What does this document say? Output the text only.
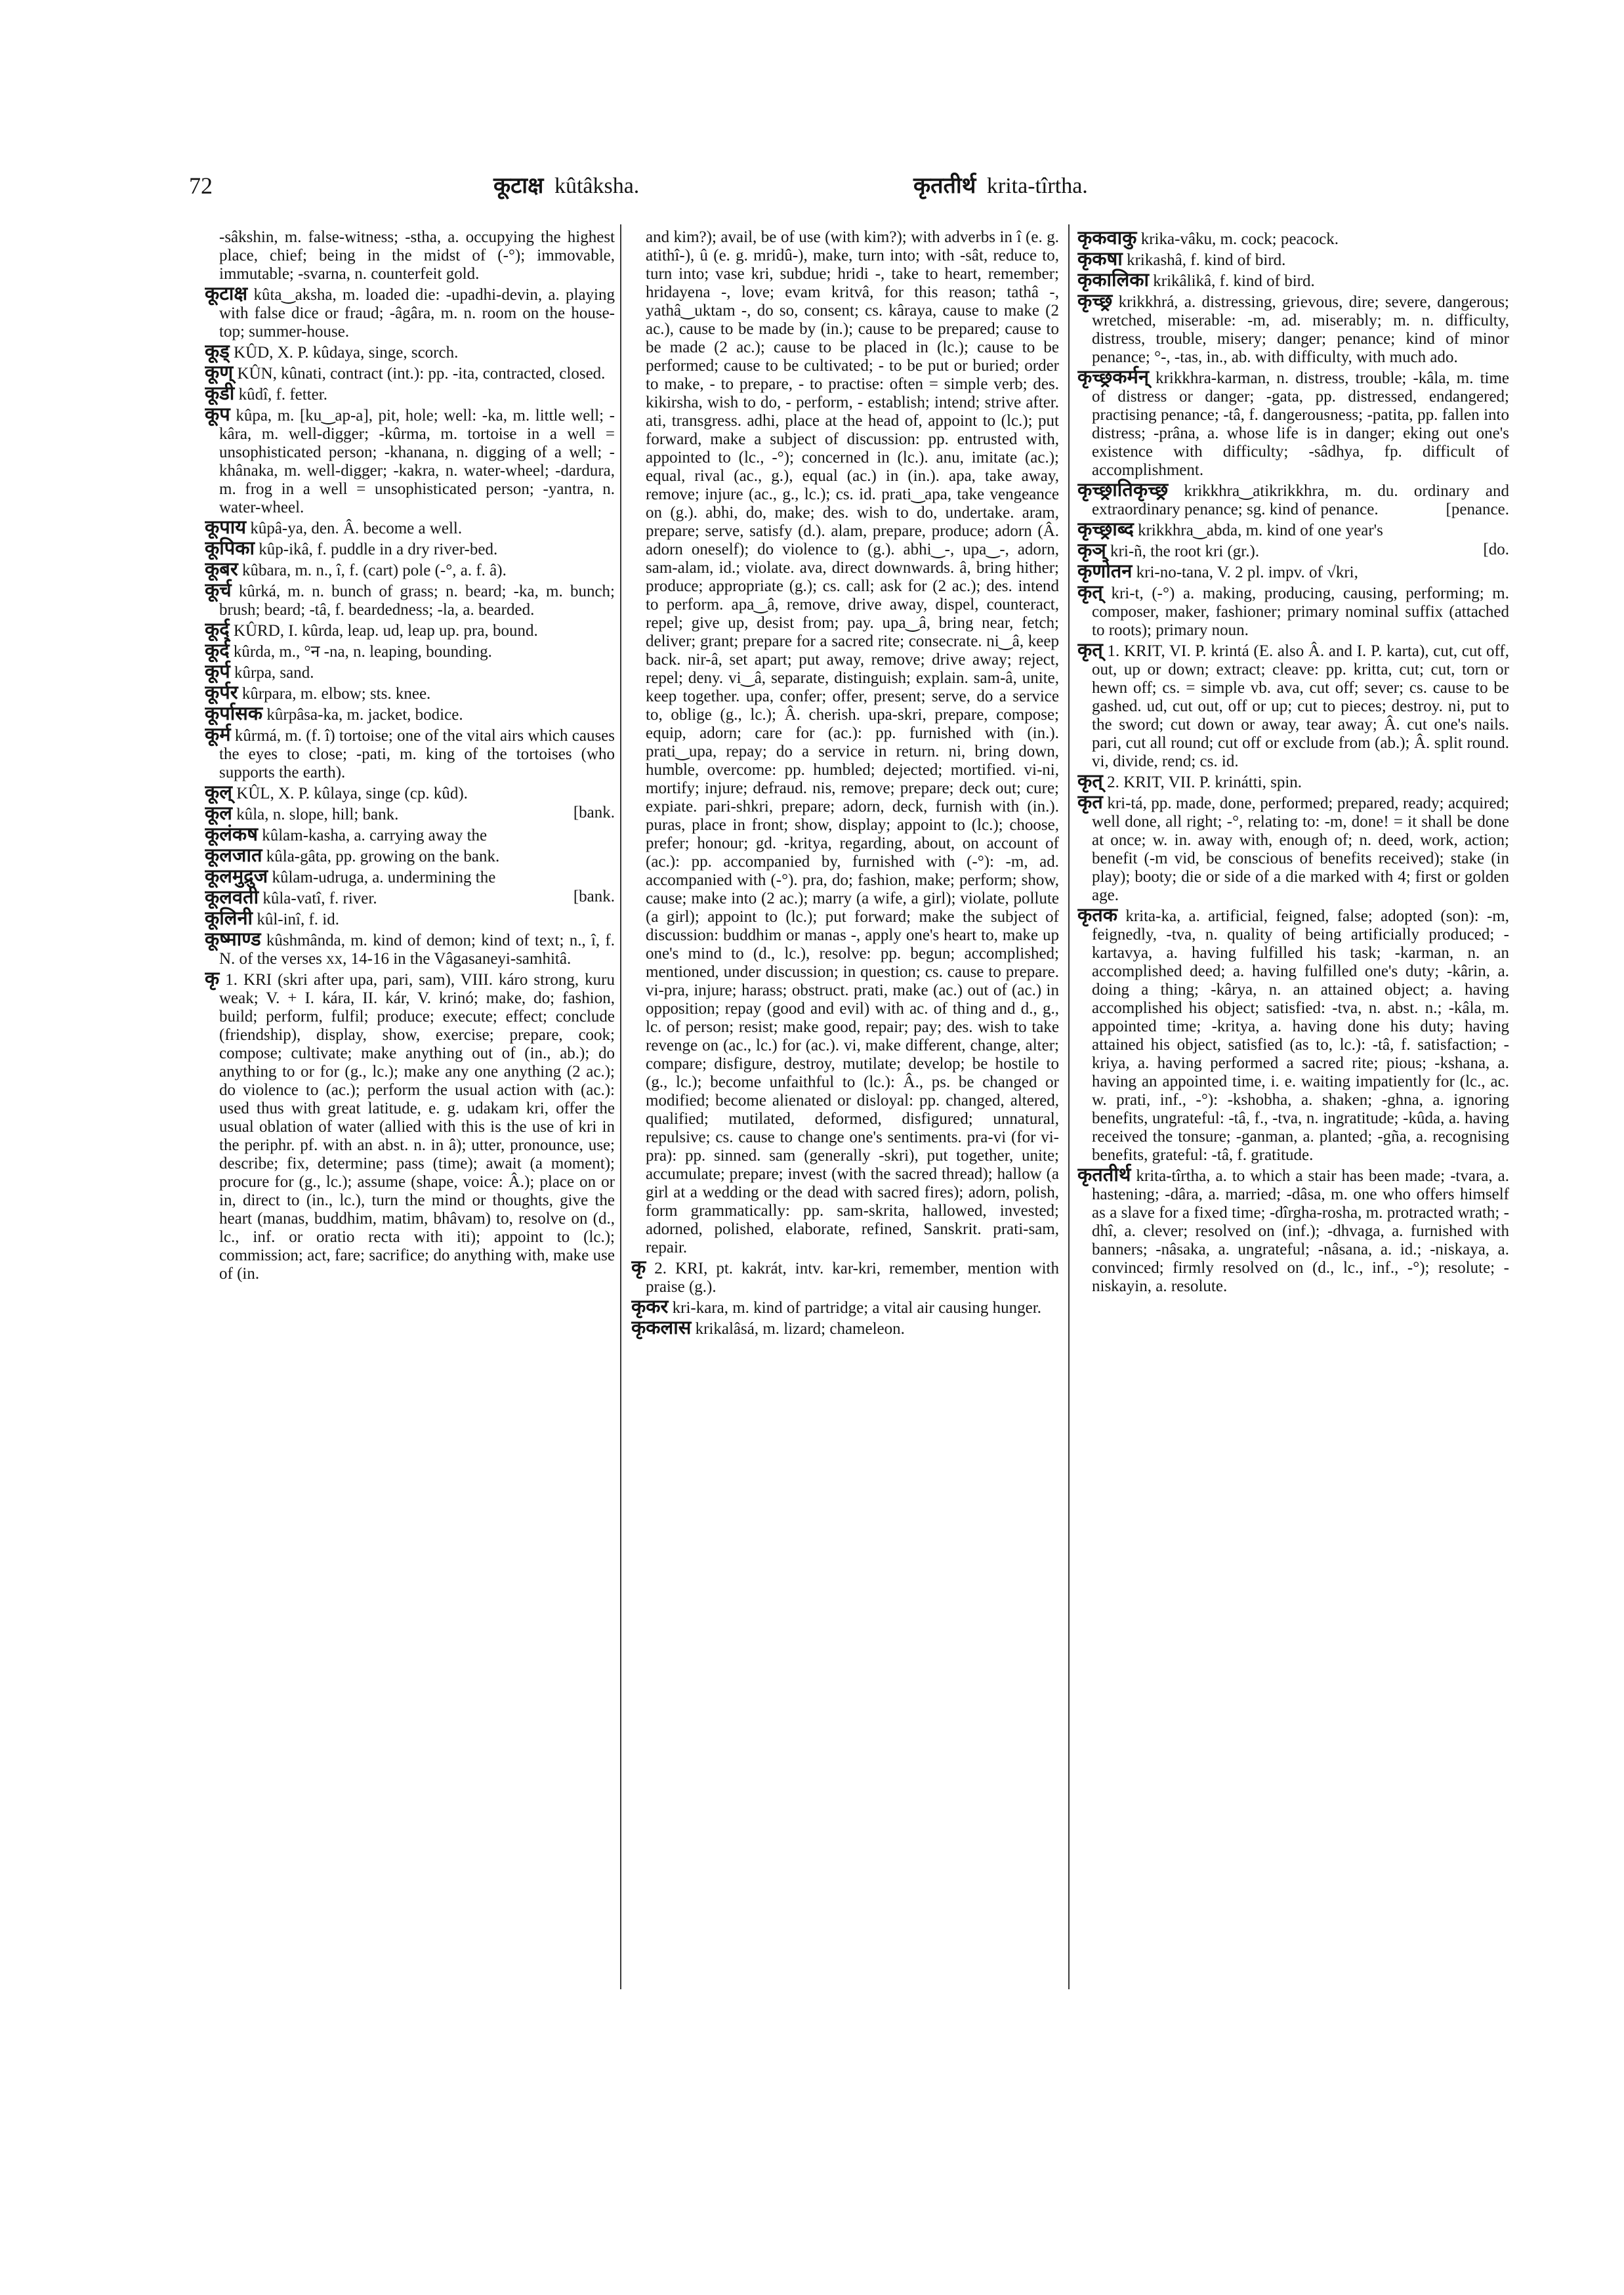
72	कूटाक्ष kûtâksha.	कृततीर्थ krita-tîrtha.

-sâkshin, m. false-witness; -stha, a. occupying the highest place, chief; being in the midst of (-°); immovable, immutable; -svarna, n. counterfeit gold.

कूटाक्ष kûta‿aksha, m. loaded die: -upadhi-devin, a. playing with false dice or fraud; -âgâra, m. n. room on the house-top; summer-house.

कूड् KÛD, X. P. kûdaya, singe, scorch.

कूण् KÛN, kûnati, contract (int.): pp. -ita, contracted, closed.

कूडी kûdî, f. fetter.

कूप kûpa, m. [ku‿ap-a], pit, hole; well: -ka, m. little well; -kâra, m. well-digger; -kûrma, m. tortoise in a well = unsophisticated person; -khanana, n. digging of a well; -khânaka, m. well-digger; -kakra, n. water-wheel; -dardura, m. frog in a well = unsophisticated person; -yantra, n. water-wheel.

कूपाय kûpâ-ya, den. Â. become a well.

कूपिका kûp-ikâ, f. puddle in a dry river-bed.

कूबर kûbara, m. n., î, f. (cart) pole (-°, a. f. â).

कूर्च kûrká, m. n. bunch of grass; n. beard; -ka, m. bunch; brush; beard; -tâ, f. beardedness; -la, a. bearded.

कूर्द् KÛRD, I. kûrda, leap. ud, leap up. pra, bound.

कूर्द kûrda, m., °न -na, n. leaping, bounding.

कूर्प kûrpa, sand.

कूर्पर kûrpara, m. elbow; sts. knee.

कूर्पासक kûrpâsa-ka, m. jacket, bodice.

कूर्म kûrmá, m. (f. î) tortoise; one of the vital airs which causes the eyes to close; -pati, m. king of the tortoises (who supports the earth).

कूल् KÛL, X. P. kûlaya, singe (cp. kûd).

कूल kûla, n. slope, hill; bank.	[bank.

कूलंकष kûlam-kasha, a. carrying away the

कूलजात kûla-gâta, pp. growing on the bank.

कूलमुद्रुज kûlam-udruga, a. undermining the

कूलवती kûla-vatî, f. river.	[bank.

कूलिनी kûl-inî, f. id.

कूष्माण्ड kûshmânda, m. kind of demon; kind of text; n., î, f. N. of the verses xx, 14-16 in the Vâgasaneyi-samhitâ.

कृ 1. KRI (skri after upa, pari, sam), VIII. káro strong, kuru weak; V. + I. kára, II. kár, V. krinó; make, do; fashion, build; perform, fulfil; produce; execute; effect; conclude (friendship), display, show, exercise; prepare, cook; compose; cultivate; make anything out of (in., ab.); do anything to or for (g., lc.); make any one anything (2 ac.); do violence to (ac.); perform the usual action with (ac.): used thus with great latitude, e. g. udakam kri, offer the usual oblation of water (allied with this is the use of kri in the periphr. pf. with an abst. n. in â); utter, pronounce, use; describe; fix, determine; pass (time); await (a moment); procure for (g., lc.); assume (shape, voice: Â.); place on or in, direct to (in., lc.), turn the mind or thoughts, give the heart (manas, buddhim, matim, bhâvam) to, resolve on (d., lc., inf. or oratio recta with iti); appoint to (lc.); commission; act, fare; sacrifice; do anything with, make use of (in.

and kim?); avail, be of use (with kim?); with adverbs in î (e. g. atithî-), û (e. g. mridû-), make, turn into; with -sât, reduce to, turn into; vase kri, subdue; hridi -, take to heart, remember; hridayena -, love; evam kritvâ, for this reason; tathâ -, yathâ‿uktam -, do so, consent; cs. kâraya, cause to make (2 ac.), cause to be made by (in.); cause to be prepared; cause to be made (2 ac.); cause to be placed in (lc.); cause to be performed; cause to be cultivated; - to be put or buried; order to make, - to prepare, - to practise: often = simple verb; des. kikirsha, wish to do, - perform, - establish; intend; strive after. ati, transgress. adhi, place at the head of, appoint to (lc.); put forward, make a subject of discussion: pp. entrusted with, appointed to (lc., -°); concerned in (lc.). anu, imitate (ac.); equal, rival (ac., g.), equal (ac.) in (in.). apa, take away, remove; injure (ac., g., lc.); cs. id. prati‿apa, take vengeance on (g.). abhi, do, make; des. wish to do, undertake. aram, prepare; serve, satisfy (d.). alam, prepare, produce; adorn (Â. adorn oneself); do violence to (g.). abhi‿-, upa‿-, adorn, sam-alam, id.; violate. ava, direct downwards. â, bring hither; produce; appropriate (g.); cs. call; ask for (2 ac.); des. intend to perform. apa‿â, remove, drive away, dispel, counteract, repel; give up, desist from; pay. upa‿â, bring near, fetch; deliver; grant; prepare for a sacred rite; consecrate. ni‿â, keep back. nir-â, set apart; put away, remove; drive away; reject, repel; deny. vi‿â, separate, distinguish; explain. sam-â, unite, keep together. upa, confer; offer, present; serve, do a service to, oblige (g., lc.); Â. cherish. upa-skri, prepare, compose; equip, adorn; care for (ac.): pp. furnished with (in.). prati‿upa, repay; do a service in return. ni, bring down, humble, overcome: pp. humbled; dejected; mortified. vi-ni, mortify; injure; defraud. nis, remove; prepare; deck out; cure; expiate. pari-shkri, prepare; adorn, deck, furnish with (in.). puras, place in front; show, display; appoint to (lc.); choose, prefer; honour; gd. -kritya, regarding, about, on account of (ac.): pp. accompanied by, furnished with (-°): -m, ad. accompanied with (-°). pra, do; fashion, make; perform; show, cause; make into (2 ac.); marry (a wife, a girl); violate, pollute (a girl); appoint to (lc.); put forward; make the subject of discussion: buddhim or manas -, apply one's heart to, make up one's mind to (d., lc.), resolve: pp. begun; accomplished; mentioned, under discussion; in question; cs. cause to prepare. vi-pra, injure; harass; obstruct. prati, make (ac.) out of (ac.) in opposition; repay (good and evil) with ac. of thing and d., g., lc. of person; resist; make good, repair; pay; des. wish to take revenge on (ac., lc.) for (ac.). vi, make different, change, alter; compare; disfigure, destroy, mutilate; develop; be hostile to (g., lc.); become unfaithful to (lc.): Â., ps. be changed or modified; become alienated or disloyal: pp. changed, altered, qualified; mutilated, deformed, disfigured; unnatural, repulsive; cs. cause to change one's sentiments. pra-vi (for vi-pra): pp. sinned. sam (generally -skri), put together, unite; accumulate; prepare; invest (with the sacred thread); hallow (a girl at a wedding or the dead with sacred fires); adorn, polish, form grammatically: pp. sam-skrita, hallowed, invested; adorned, polished, elaborate, refined, Sanskrit. prati-sam, repair.

कृ 2. KRI, pt. kakrát, intv. kar-kri, remember, mention with praise (g.).

कृकर kri-kara, m. kind of partridge; a vital air causing hunger.

कृकलास krikalâsá, m. lizard; chameleon.

कृकवाकु krika-vâku, m. cock; peacock.

कृकषा krikashâ, f. kind of bird.

कृकालिका krikâlikâ, f. kind of bird.

कृच्छ्र krikkhrá, a. distressing, grievous, dire; severe, dangerous; wretched, miserable: -m, ad. miserably; m. n. difficulty, distress, trouble, misery; danger; penance; kind of minor penance; °-, -tas, in., ab. with difficulty, with much ado.

कृच्छ्रकर्मन् krikkhra-karman, n. distress, trouble; -kâla, m. time of distress or danger; -gata, pp. distressed, endangered; practising penance; -tâ, f. dangerousness; -patita, pp. fallen into distress; -prâna, a. whose life is in danger; eking out one's existence with difficulty; -sâdhya, fp. difficult of accomplishment.

कृच्छ्रातिकृच्छ्र krikkhra‿atikrikkhra, m. du. ordinary and extraordinary penance; sg. kind of penance.	[penance.

कृच्छ्राब्द krikkhra‿abda, m. kind of one year's

कृञ् kri-ñ, the root kri (gr.).	[do.

कृणोतन kri-no-tana, V. 2 pl. impv. of √kri,

कृत् kri-t, (-°) a. making, producing, causing, performing; m. composer, maker, fashioner; primary nominal suffix (attached to roots); primary noun.

कृत् 1. KRIT, VI. P. krintá (E. also Â. and I. P. karta), cut, cut off, out, up or down; extract; cleave: pp. kritta, cut; cut, torn or hewn off; cs. = simple vb. ava, cut off; sever; cs. cause to be gashed. ud, cut out, off or up; cut to pieces; destroy. ni, put to the sword; cut down or away, tear away; Â. cut one's nails. pari, cut all round; cut off or exclude from (ab.); Â. split round. vi, divide, rend; cs. id.

कृत् 2. KRIT, VII. P. krinátti, spin.

कृत kri-tá, pp. made, done, performed; prepared, ready; acquired; well done, all right; -°, relating to: -m, done! = it shall be done at once; w. in. away with, enough of; n. deed, work, action; benefit (-m vid, be conscious of benefits received); stake (in play); booty; die or side of a die marked with 4; first or golden age.

कृतक krita-ka, a. artificial, feigned, false; adopted (son): -m, feignedly, -tva, n. quality of being artificially produced; -kartavya, a. having fulfilled his task; -karman, n. an accomplished deed; a. having fulfilled one's duty; -kârin, a. doing a thing; -kârya, n. an attained object; a. having accomplished his object; satisfied: -tva, n. abst. n.; -kâla, m. appointed time; -kritya, a. having done his duty; having attained his object, satisfied (as to, lc.): -tâ, f. satisfaction; -kriya, a. having performed a sacred rite; pious; -kshana, a. having an appointed time, i. e. waiting impatiently for (lc., ac. w. prati, inf., -°): -kshobha, a. shaken; -ghna, a. ignoring benefits, ungrateful: -tâ, f., -tva, n. ingratitude; -kûda, a. having received the tonsure; -ganman, a. planted; -gña, a. recognising benefits, grateful: -tâ, f. gratitude.

कृततीर्थ krita-tîrtha, a. to which a stair has been made; -tvara, a. hastening; -dâra, a. married; -dâsa, m. one who offers himself as a slave for a fixed time; -dîrgha-rosha, m. protracted wrath; -dhî, a. clever; resolved on (inf.); -dhvaga, a. furnished with banners; -nâsaka, a. ungrateful; -nâsana, a. id.; -niskaya, a. convinced; firmly resolved on (d., lc., inf., -°); resolute; -niskayin, a. resolute.
